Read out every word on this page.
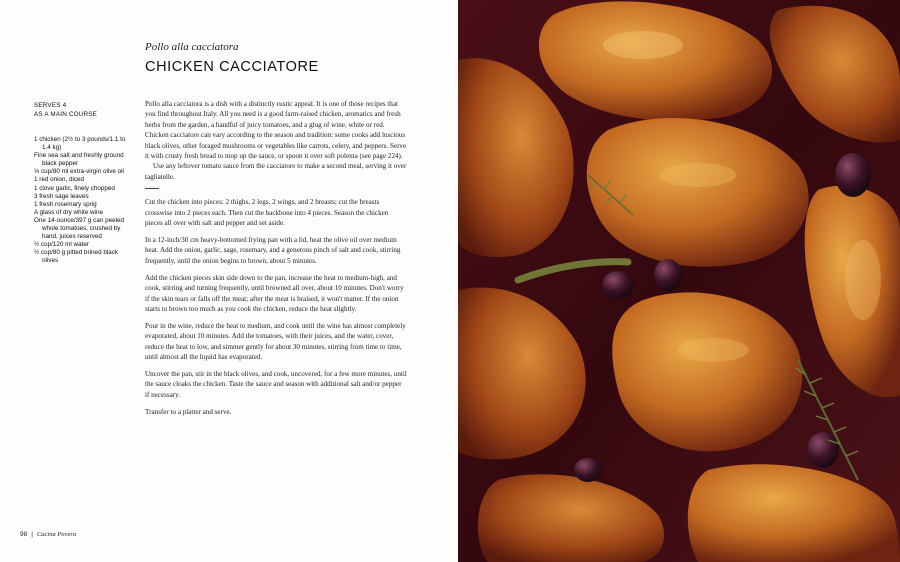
Pollo alla cacciatora
CHICKEN CACCIATORE
SERVES 4
AS A MAIN COURSE
1 chicken (2½ to 3 pounds/1.1 to 1.4 kg)
Fine sea salt and freshly ground black pepper
⅓ cup/80 ml extra-virgin olive oil
1 red onion, diced
1 clove garlic, finely chopped
3 fresh sage leaves
1 fresh rosemary sprig
A glass of dry white wine
One 14-ounce/397 g can peeled whole tomatoes, crushed by hand, juices reserved
½ cup/120 ml water
½ cup/80 g pitted brined black olives

Pollo alla cacciatora is a dish with a distinctly rustic appeal. It is one of those recipes that you find throughout Italy. All you need is a good farm-raised chicken, aromatics and fresh herbs from the garden, a handful of juicy tomatoes, and a glug of wine, white or red. Chicken cacciatore can vary according to the season and tradition: some cooks add luscious black olives, other foraged mushrooms or vegetables like carrots, celery, and peppers. Serve it with crusty fresh bread to mop up the sauce, or spoon it over soft polenta (see page 224).

Use any leftover tomato sauce from the cacciatore to make a second meal, serving it over tagliatelle.

Cut the chicken into pieces: 2 thighs, 2 legs, 2 wings, and 2 breasts; cut the breasts crosswise into 2 pieces each. Then cut the backbone into 4 pieces. Season the chicken pieces all over with salt and pepper and set aside.

In a 12-inch/30 cm heavy-bottomed frying pan with a lid, heat the olive oil over medium heat. Add the onion, garlic, sage, rosemary, and a generous pinch of salt and cook, stirring frequently, until the onion begins to brown, about 5 minutes.

Add the chicken pieces skin side down to the pan, increase the heat to medium-high, and cook, stirring and turning frequently, until browned all over, about 10 minutes. Don't worry if the skin tears or falls off the meat; after the meat is braised, it won't matter. If the onion starts to brown too much as you cook the chicken, reduce the heat slightly.

Pour in the wine, reduce the heat to medium, and cook until the wine has almost completely evaporated, about 10 minutes. Add the tomatoes, with their juices, and the water, cover, reduce the heat to low, and simmer gently for about 30 minutes, stirring from time to time, until almost all the liquid has evaporated.

Uncover the pan, stir in the black olives, and cook, uncovered, for a few more minutes, until the sauce cloaks the chicken. Taste the sauce and season with additional salt and/or pepper if necessary.

Transfer to a platter and serve.

98 | Cucina Povera
